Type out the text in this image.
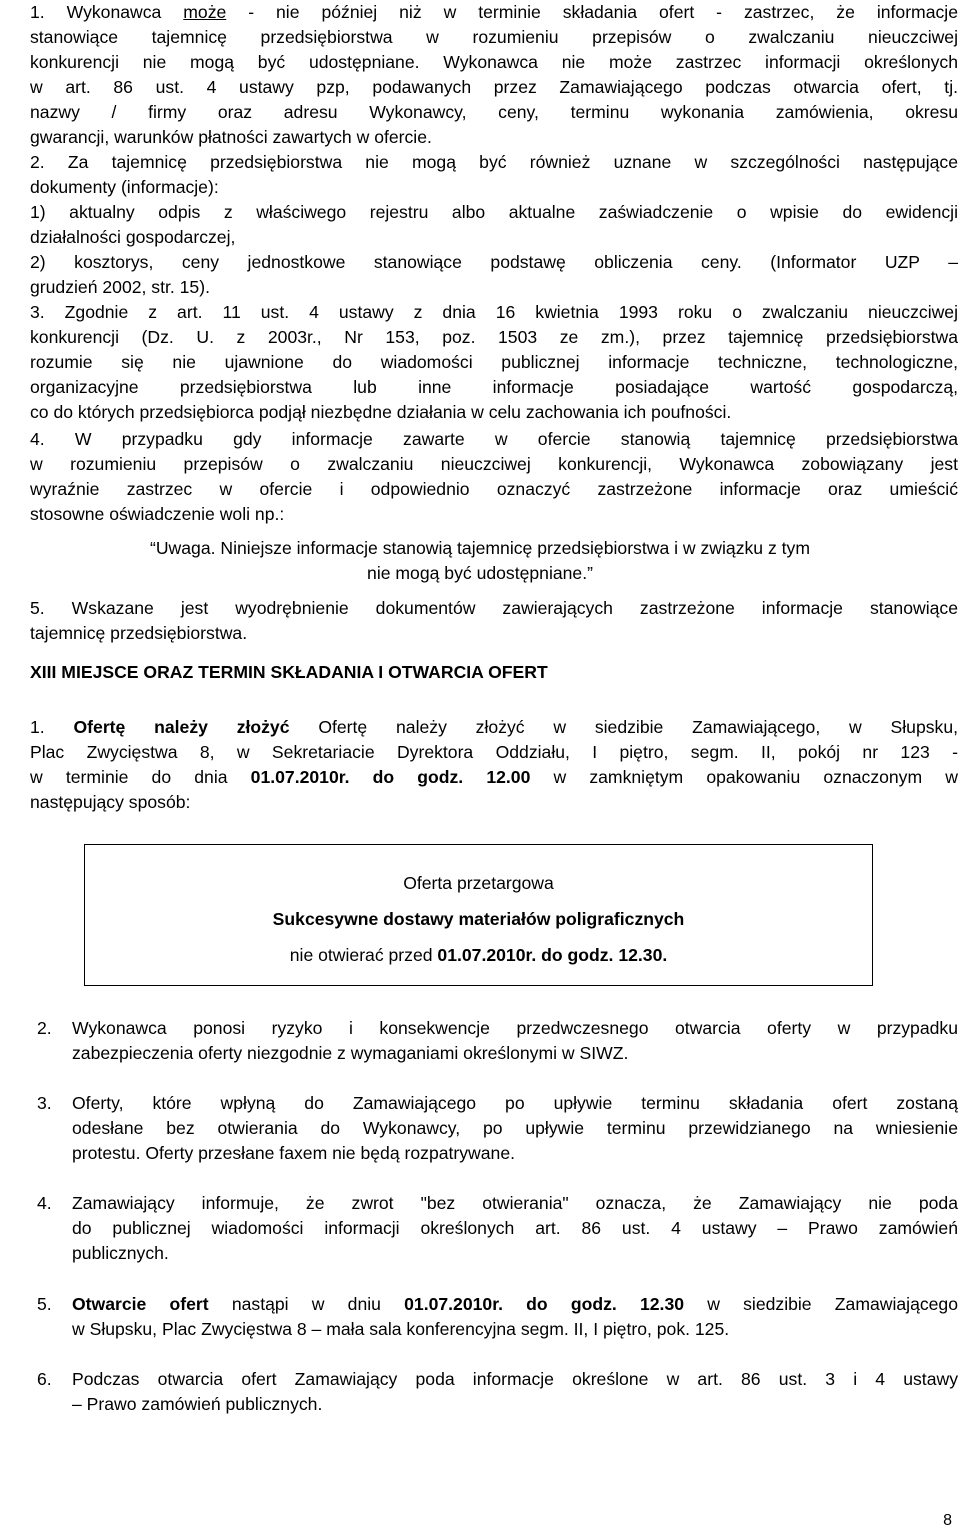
1. Wykonawca może - nie później niż w terminie składania ofert - zastrzec, że informacje
stanowiące tajemnicę przedsiębiorstwa w rozumieniu przepisów o zwalczaniu nieuczciwej
konkurencji nie mogą być udostępniane. Wykonawca nie może zastrzec informacji określonych
w art. 86 ust. 4 ustawy pzp, podawanych przez Zamawiającego podczas otwarcia ofert, tj.
nazwy / firmy oraz adresu Wykonawcy, ceny, terminu wykonania zamówienia, okresu
gwarancji, warunków płatności zawartych w ofercie.
2. Za tajemnicę przedsiębiorstwa nie mogą być również uznane w szczególności następujące
dokumenty (informacje):
1) aktualny odpis z właściwego rejestru albo aktualne zaświadczenie o wpisie do ewidencji
działalności gospodarczej,
2) kosztorys, ceny jednostkowe stanowiące podstawę obliczenia ceny. (Informator UZP –
grudzień 2002, str. 15).
3. Zgodnie z art. 11 ust. 4 ustawy z dnia 16 kwietnia 1993 roku o zwalczaniu nieuczciwej
konkurencji (Dz. U. z 2003r., Nr 153, poz. 1503 ze zm.), przez tajemnicę przedsiębiorstwa
rozumie się nie ujawnione do wiadomości publicznej informacje techniczne, technologiczne,
organizacyjne przedsiębiorstwa lub inne informacje posiadające wartość gospodarczą,
co do których przedsiębiorca podjął niezbędne działania w celu zachowania ich poufności.
4. W przypadku gdy informacje zawarte w ofercie stanowią tajemnicę przedsiębiorstwa
w rozumieniu przepisów o zwalczaniu nieuczciwej konkurencji, Wykonawca zobowiązany jest
wyraźnie zastrzec w ofercie i odpowiednio oznaczyć zastrzeżone informacje oraz umieścić
stosowne oświadczenie woli np.:
“Uwaga. Niniejsze informacje stanowią tajemnicę przedsiębiorstwa i w związku z tym
nie mogą być udostępniane.”
5. Wskazane jest wyodrębnienie dokumentów zawierających zastrzeżone informacje stanowiące
tajemnicę przedsiębiorstwa.
XIII MIEJSCE ORAZ TERMIN SKŁADANIA I OTWARCIA OFERT
1. Ofertę należy złożyć Ofertę należy złożyć w siedzibie Zamawiającego, w Słupsku,
Plac Zwycięstwa 8, w Sekretariacie Dyrektora Oddziału, I piętro, segm. II, pokój nr 123 -
w terminie do dnia 01.07.2010r. do godz. 12.00 w zamkniętym opakowaniu oznaczonym w
następujący sposób:
Oferta przetargowa
Sukcesywne dostawy materiałów poligraficznych
nie otwierać przed 01.07.2010r. do godz. 12.30.
2.	Wykonawca ponosi ryzyko i konsekwencje przedwczesnego otwarcia oferty w przypadku
zabezpieczenia oferty niezgodnie z wymaganiami określonymi w SIWZ.
3.	Oferty, które wpłyną do Zamawiającego po upływie terminu składania ofert zostaną
odesłane bez otwierania do Wykonawcy, po upływie terminu przewidzianego na wniesienie
protestu. Oferty przesłane faxem nie będą rozpatrywane.
4.	Zamawiający informuje, że zwrot "bez otwierania" oznacza, że Zamawiający nie poda
do publicznej wiadomości informacji określonych art. 86 ust. 4 ustawy – Prawo zamówień
publicznych.
5.	Otwarcie ofert nastąpi w dniu 01.07.2010r. do godz. 12.30 w siedzibie Zamawiającego
w Słupsku, Plac Zwycięstwa 8 – mała sala konferencyjna segm. II, I piętro, pok. 125.
6.	Podczas otwarcia ofert Zamawiający poda informacje określone w art. 86 ust. 3 i 4 ustawy
– Prawo zamówień publicznych.
8
